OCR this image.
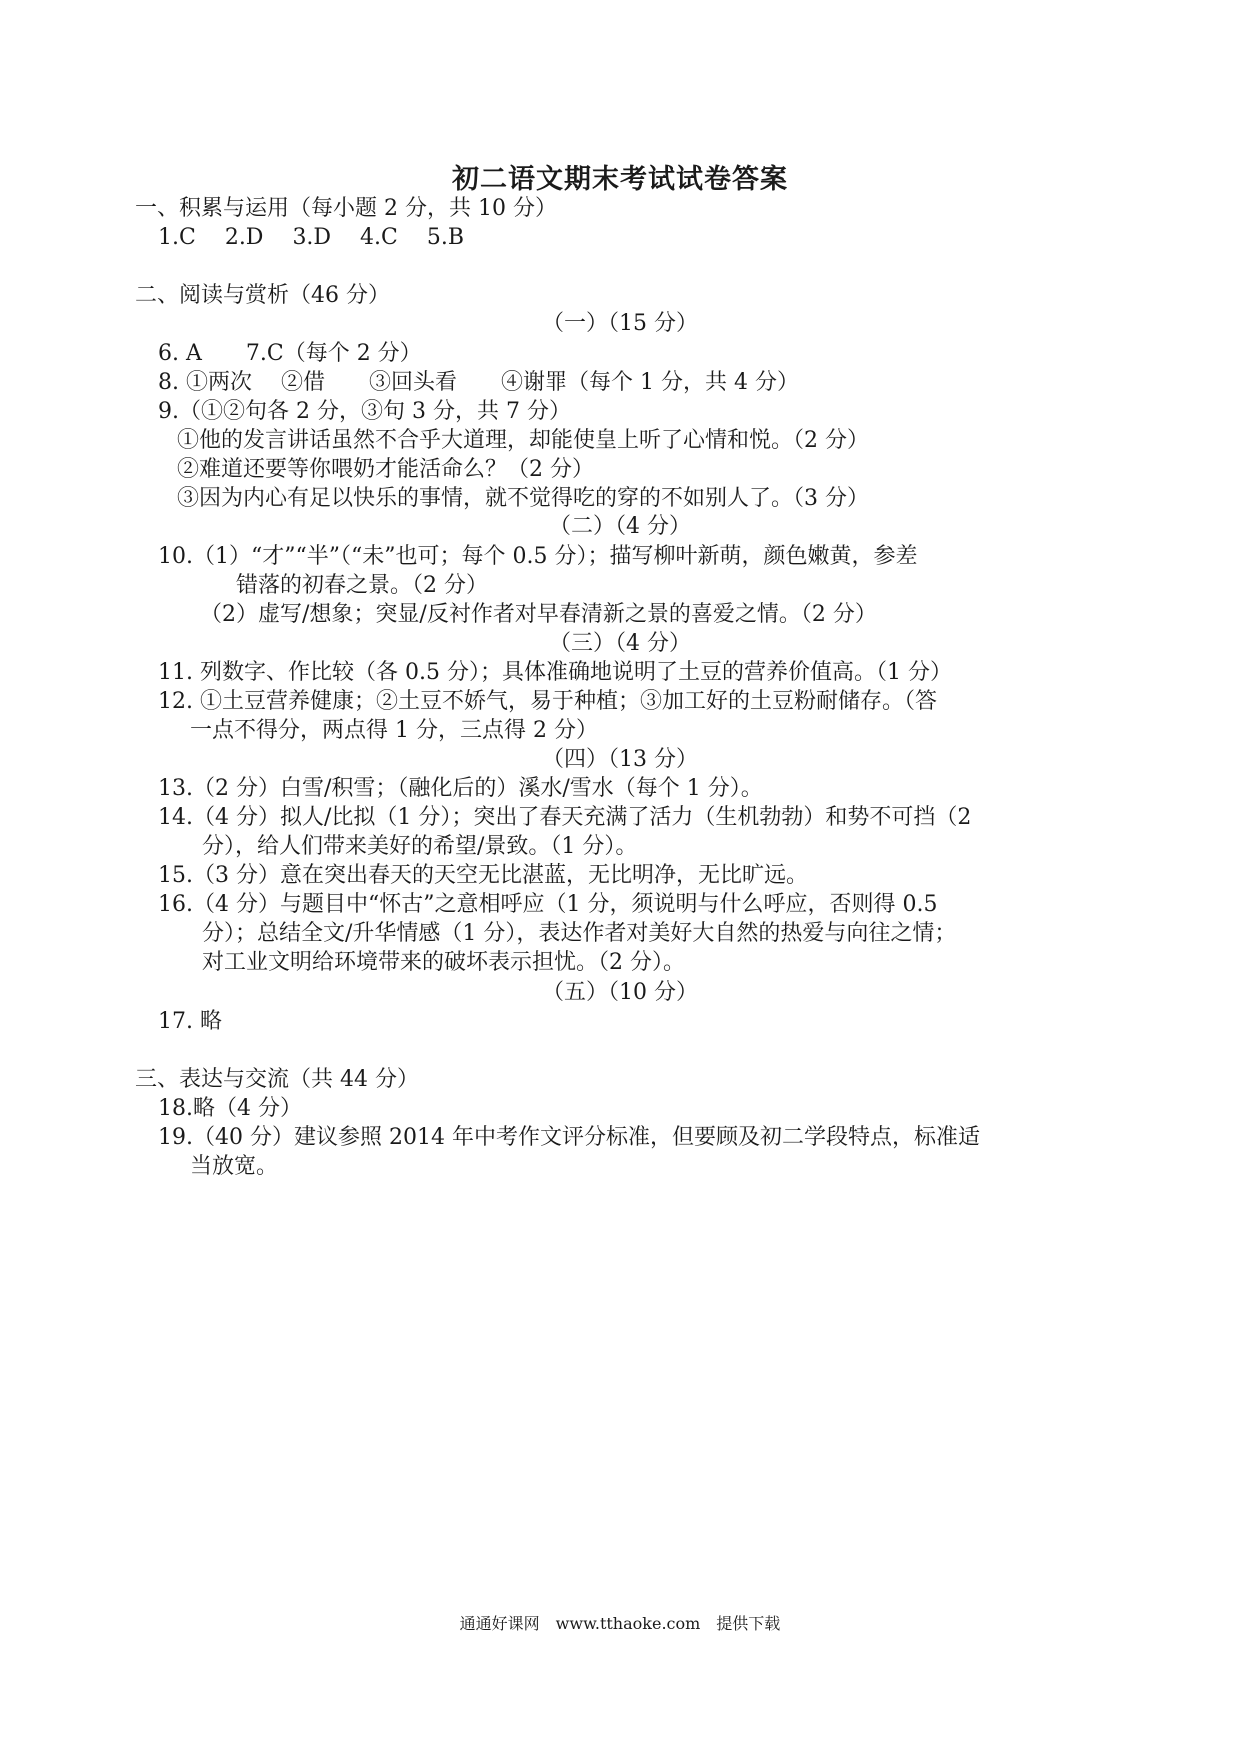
初二语文期末考试试卷答案
一、积累与运用（每小题 2 分，共 10 分）
1.C　 2.D　 3.D　 4.C　 5.B
二、阅读与赏析（46 分）
（一）（15 分）
6. A　　7.C（每个 2 分）
8. ①两次　 ②借　　③回头看　　④谢罪（每个 1 分，共 4 分）
9.（①②句各 2 分，③句 3 分，共 7 分）
①他的发言讲话虽然不合乎大道理，却能使皇上听了心情和悦。（2 分）
②难道还要等你喂奶才能活命么？（2 分）
③因为内心有足以快乐的事情，就不觉得吃的穿的不如别人了。（3 分）
（二）（4 分）
10.（1）“才”“半”（“未”也可；每个 0.5 分）；描写柳叶新萌，颜色嫩黄，参差
错落的初春之景。（2 分）
（2）虚写/想象；突显/反衬作者对早春清新之景的喜爱之情。（2 分）
（三）（4 分）
11. 列数字、作比较（各 0.5 分）；具体准确地说明了土豆的营养价值高。（1 分）
12. ①土豆营养健康；②土豆不娇气，易于种植；③加工好的土豆粉耐储存。（答
一点不得分，两点得 1 分，三点得 2 分）
（四）（13 分）
13.（2 分）白雪/积雪；（融化后的）溪水/雪水（每个 1 分）。
14.（4 分）拟人/比拟（1 分）；突出了春天充满了活力（生机勃勃）和势不可挡（2
分），给人们带来美好的希望/景致。（1 分）。
15.（3 分）意在突出春天的天空无比湛蓝，无比明净，无比旷远。
16.（4 分）与题目中“怀古”之意相呼应（1 分，须说明与什么呼应，否则得 0.5
分）；总结全文/升华情感（1 分），表达作者对美好大自然的热爱与向往之情；
对工业文明给环境带来的破坏表示担忧。（2 分）。
（五）（10 分）
17. 略
三、表达与交流（共 44 分）
18.略（4 分）
19.（40 分）建议参照 2014 年中考作文评分标准，但要顾及初二学段特点，标准适
当放宽。
通通好课网　www.tthaoke.com　提供下载
